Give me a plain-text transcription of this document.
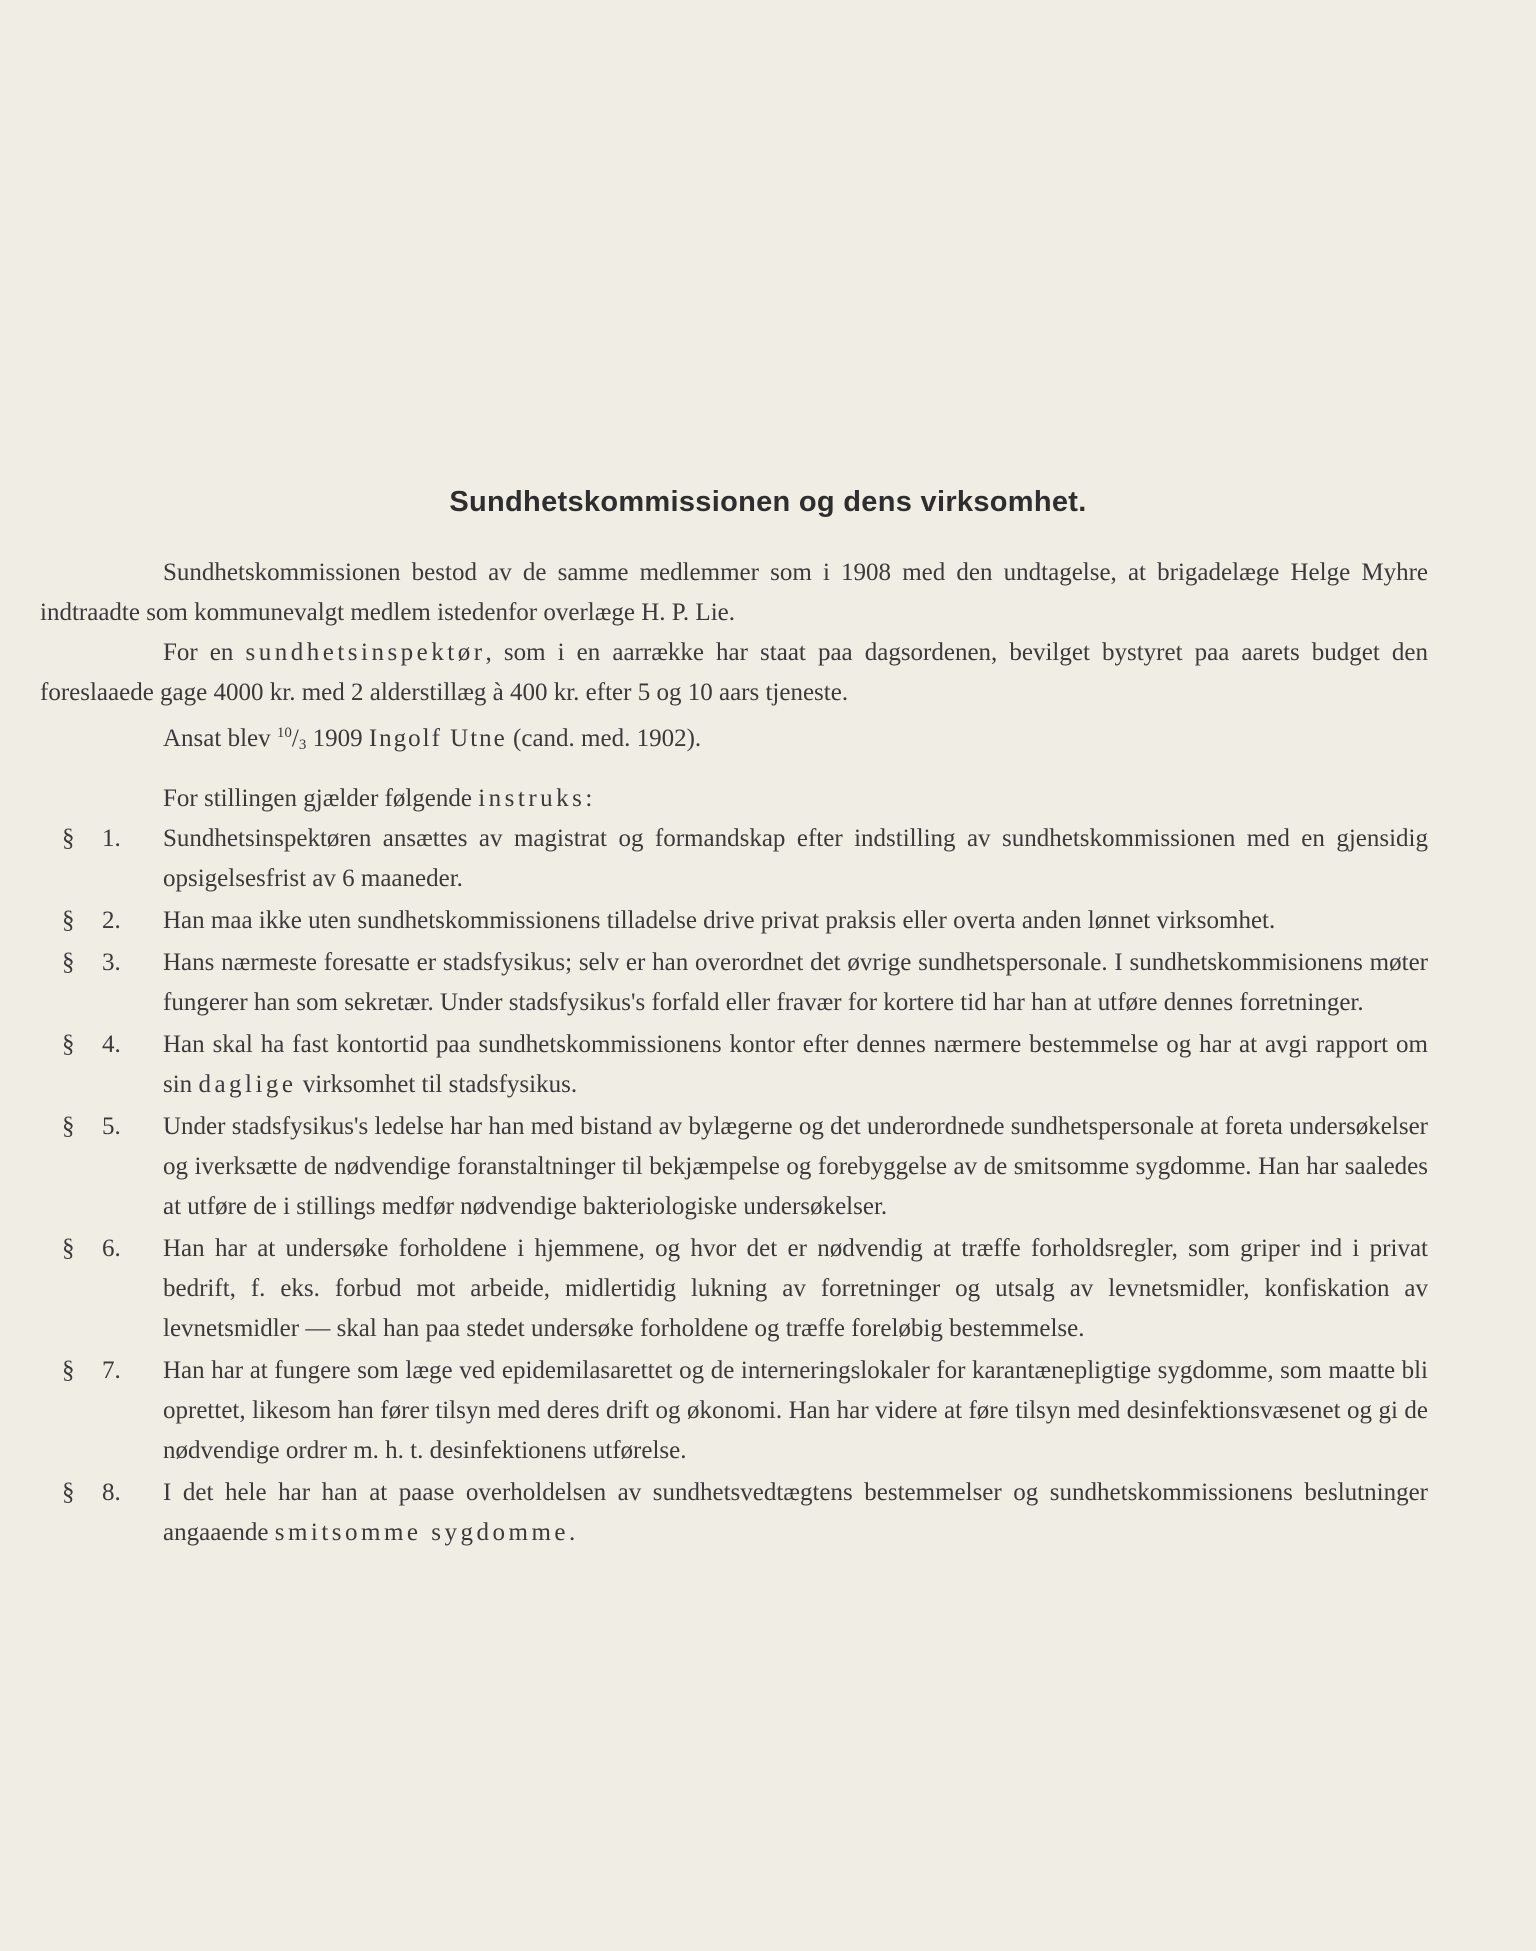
Sundhetskommissionen og dens virksomhet.
Sundhetskommissionen bestod av de samme medlemmer som i 1908 med den undtagelse, at brigadelæge Helge Myhre indtraadte som kommunevalgt medlem istedenfor overlæge H. P. Lie.
For en sundhetsinspektør, som i en aarrække har staat paa dagsordenen, bevilget bystyret paa aarets budget den foreslaaede gage 4000 kr. med 2 alderstillæg à 400 kr. efter 5 og 10 aars tjeneste.
Ansat blev $^{10}/_3$ 1909 Ingolf Utne (cand. med. 1902).
For stillingen gjælder følgende instruks:
§	1.	Sundhetsinspektøren ansættes av magistrat og formandskap efter indstilling av sundhetskommissionen med en gjensidig opsigelsesfrist av 6 maaneder.
§	2.	Han maa ikke uten sundhetskommissionens tilladelse drive privat praksis eller overta anden lønnet virksomhet.
§	3.	Hans nærmeste foresatte er stadsfysikus; selv er han overordnet det øvrige sundhetspersonale. I sundhetskommisionens møter fungerer han som sekretær. Under stadsfysikus's forfald eller fravær for kortere tid har han at utføre dennes forretninger.
§	4.	Han skal ha fast kontortid paa sundhetskommissionens kontor efter dennes nærmere bestemmelse og har at avgi rapport om sin daglige virksomhet til stadsfysikus.
§	5.	Under stadsfysikus's ledelse har han med bistand av bylægerne og det underordnede sundhetspersonale at foreta undersøkelser og iverksætte de nødvendige foranstaltninger til bekjæmpelse og forebyggelse av de smitsomme sygdomme. Han har saaledes at utføre de i stillings medfør nødvendige bakteriologiske undersøkelser.
§	6.	Han har at undersøke forholdene i hjemmene, og hvor det er nødvendig at træffe forholdsregler, som griper ind i privat bedrift, f. eks. forbud mot arbeide, midlertidig lukning av forretninger og utsalg av levnetsmidler, konfiskation av levnetsmidler — skal han paa stedet undersøke forholdene og træffe foreløbig bestemmelse.
§	7.	Han har at fungere som læge ved epidemilasarettet og de interneringslokaler for karantænepligtige sygdomme, som maatte bli oprettet, likesom han fører tilsyn med deres drift og økonomi. Han har videre at føre tilsyn med desinfektionsvæsenet og gi de nødvendige ordrer m. h. t. desinfektionens utførelse.
§	8.	I det hele har han at paase overholdelsen av sundhetsvedtægtens bestemmelser og sundhetskommissionens beslutninger angaaende smitsomme sygdomme.
